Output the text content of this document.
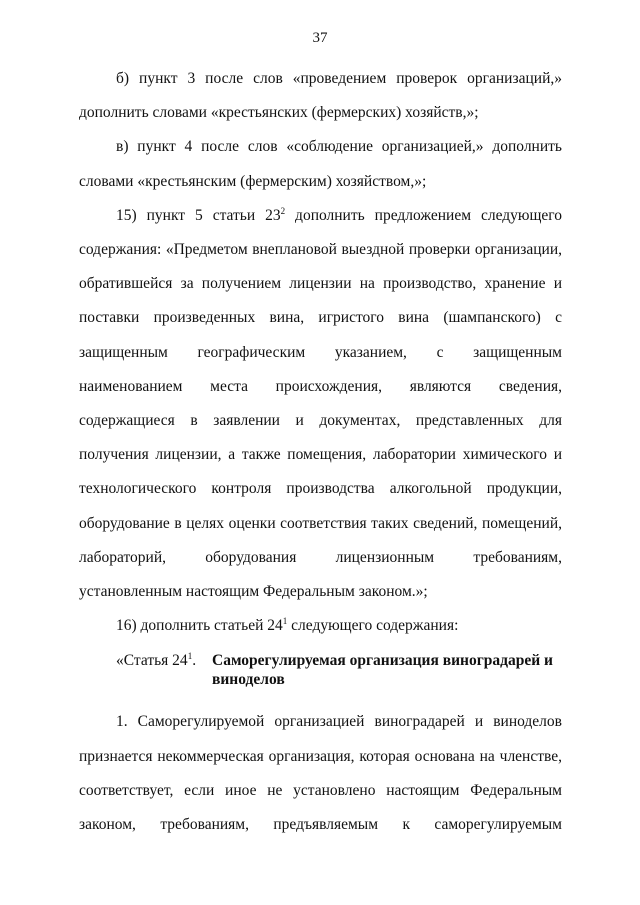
37

б) пункт 3 после слов «проведением проверок организаций,» дополнить словами «крестьянских (фермерских) хозяйств,»;

в) пункт 4 после слов «соблюдение организацией,» дополнить словами «крестьянским (фермерским) хозяйством,»;

15) пункт 5 статьи $23^2$ дополнить предложением следующего

содержания: «Предметом внеплановой выездной проверки организации, обратившейся за получением лицензии на производство, хранение и поставки произведенных вина, игристого вина (шампанского) с защищенным географическим указанием, с защищенным наименованием места происхождения, являются сведения, содержащиеся в заявлении и документах, представленных для получения лицензии, а также помещения, лаборатории химического и технологического контроля производства алкогольной продукции, оборудование в целях оценки соответствия таких сведений, помещений, лабораторий, оборудования лицензионным требованиям, установленным настоящим Федеральным законом.»;

16) дополнить статьей $24^1$ следующего содержания:

«Статья $24^1$.	Саморегулируемая организация виноградарей и виноделов

1. Саморегулируемой организацией виноградарей и виноделов признается некоммерческая организация, которая основана на членстве, соответствует, если иное не установлено настоящим Федеральным законом, требованиям, предъявляемым к саморегулируемым
